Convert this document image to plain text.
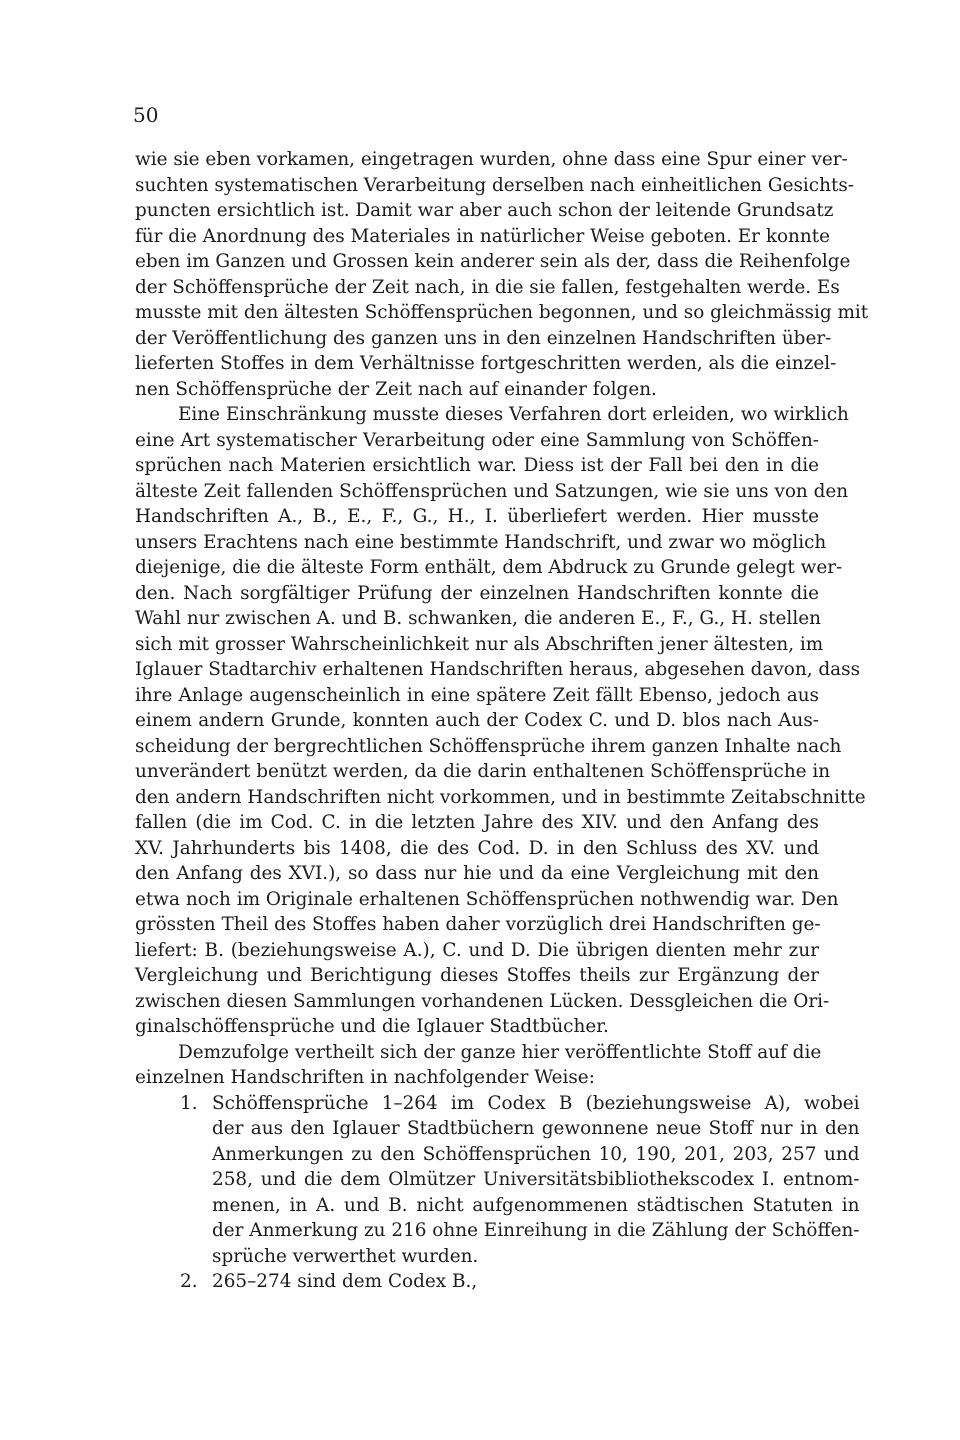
50
wie sie eben vorkamen, eingetragen wurden, ohne dass eine Spur einer ver-
suchten systematischen Verarbeitung derselben nach einheitlichen Gesichts-
puncten ersichtlich ist. Damit war aber auch schon der leitende Grundsatz
für die Anordnung des Materiales in natürlicher Weise geboten. Er konnte
eben im Ganzen und Grossen kein anderer sein als der, dass die Reihenfolge
der Schöffensprüche der Zeit nach, in die sie fallen, festgehalten werde. Es
musste mit den ältesten Schöffensprüchen begonnen, und so gleichmässig mit
der Veröffentlichung des ganzen uns in den einzelnen Handschriften über-
lieferten Stoffes in dem Verhältnisse fortgeschritten werden, als die einzel-
nen Schöffensprüche der Zeit nach auf einander folgen.
Eine Einschränkung musste dieses Verfahren dort erleiden, wo wirklich
eine Art systematischer Verarbeitung oder eine Sammlung von Schöffen-
sprüchen nach Materien ersichtlich war. Diess ist der Fall bei den in die
älteste Zeit fallenden Schöffensprüchen und Satzungen, wie sie uns von den
Handschriften A., B., E., F., G., H., I. überliefert werden. Hier musste
unsers Erachtens nach eine bestimmte Handschrift, und zwar wo möglich
diejenige, die die älteste Form enthält, dem Abdruck zu Grunde gelegt wer-
den. Nach sorgfältiger Prüfung der einzelnen Handschriften konnte die
Wahl nur zwischen A. und B. schwanken, die anderen E., F., G., H. stellen
sich mit grosser Wahrscheinlichkeit nur als Abschriften jener ältesten, im
Iglauer Stadtarchiv erhaltenen Handschriften heraus, abgesehen davon, dass
ihre Anlage augenscheinlich in eine spätere Zeit fällt Ebenso, jedoch aus
einem andern Grunde, konnten auch der Codex C. und D. blos nach Aus-
scheidung der bergrechtlichen Schöffensprüche ihrem ganzen Inhalte nach
unverändert benützt werden, da die darin enthaltenen Schöffensprüche in
den andern Handschriften nicht vorkommen, und in bestimmte Zeitabschnitte
fallen (die im Cod. C. in die letzten Jahre des XIV. und den Anfang des
XV. Jahrhunderts bis 1408, die des Cod. D. in den Schluss des XV. und
den Anfang des XVI.), so dass nur hie und da eine Vergleichung mit den
etwa noch im Originale erhaltenen Schöffensprüchen nothwendig war. Den
grössten Theil des Stoffes haben daher vorzüglich drei Handschriften ge-
liefert: B. (beziehungsweise A.), C. und D. Die übrigen dienten mehr zur
Vergleichung und Berichtigung dieses Stoffes theils zur Ergänzung der
zwischen diesen Sammlungen vorhandenen Lücken. Dessgleichen die Ori-
ginalschöffensprüche und die Iglauer Stadtbücher.
Demzufolge vertheilt sich der ganze hier veröffentlichte Stoff auf die
einzelnen Handschriften in nachfolgender Weise:
1. Schöffensprüche 1–264 im Codex B (beziehungsweise A), wobei
der aus den Iglauer Stadtbüchern gewonnene neue Stoff nur in den
Anmerkungen zu den Schöffensprüchen 10, 190, 201, 203, 257 und
258, und die dem Olmützer Universitätsbibliothekscodex I. entnom-
menen, in A. und B. nicht aufgenommenen städtischen Statuten in
der Anmerkung zu 216 ohne Einreihung in die Zählung der Schöffen-
sprüche verwerthet wurden.
2. 265–274 sind dem Codex B.,
